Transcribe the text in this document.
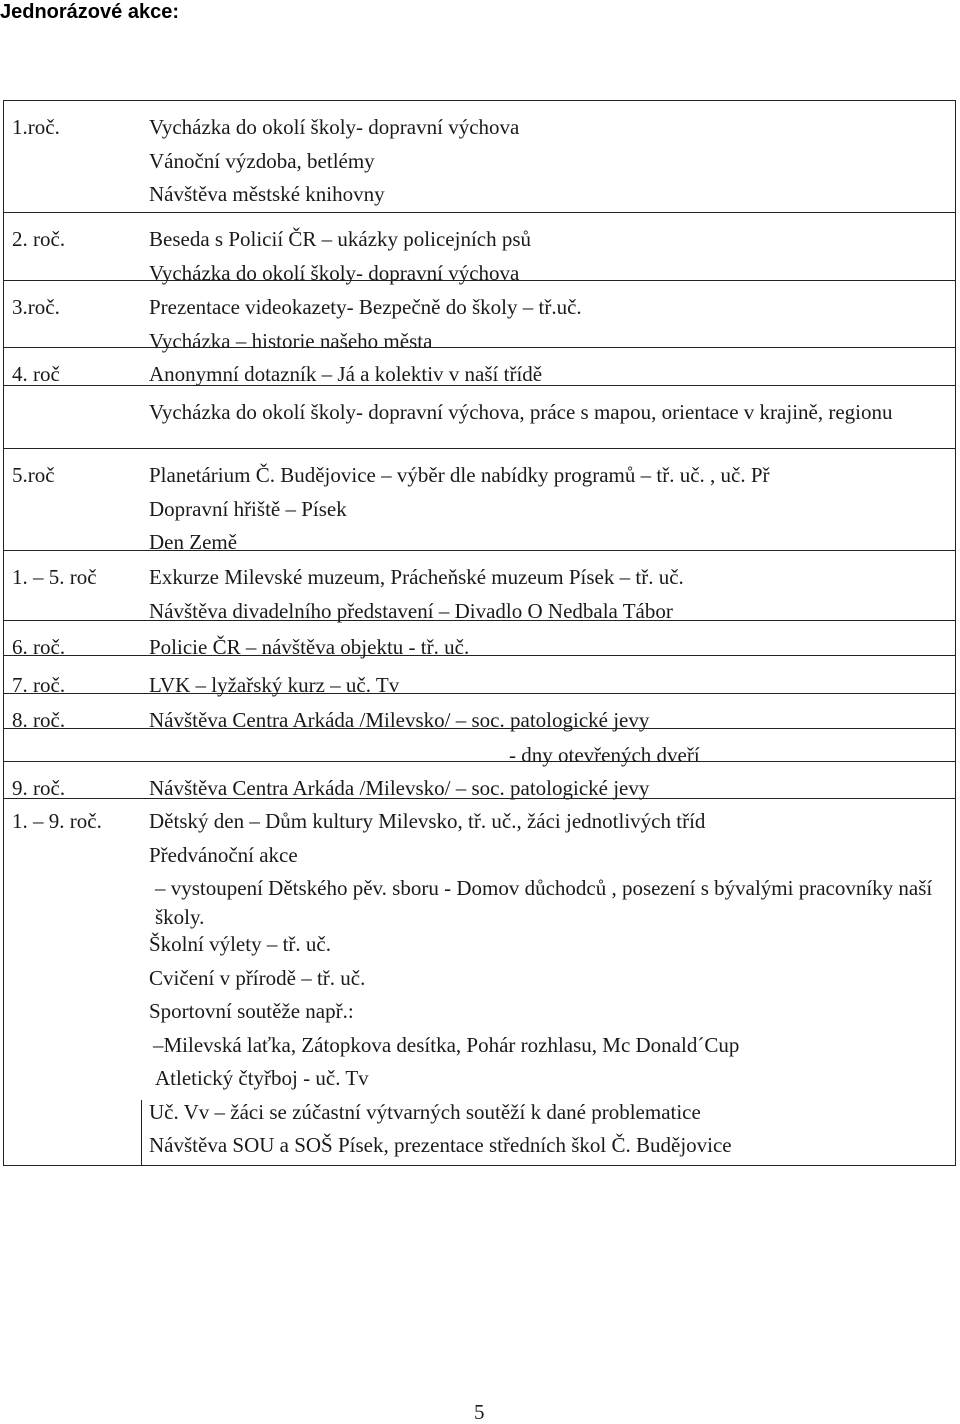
Jednorázové akce:
1.roč.	Vycházka do okolí školy- dopravní výchova
Vánoční výzdoba, betlémy
Návštěva městské knihovny
2. roč.	Beseda s Policií ČR – ukázky policejních psů
Vycházka do okolí školy- dopravní výchova
3.roč.	Prezentace videokazety- Bezpečně do školy – tř.uč.
Vycházka – historie našeho města
4. roč	Anonymní dotazník – Já a kolektiv v naší třídě
Vycházka do okolí školy- dopravní výchova, práce s mapou, orientace v krajině, regionu
5.roč	Planetárium Č. Budějovice – výběr dle nabídky programů – tř. uč. , uč. Př
Dopravní hřiště – Písek
Den Země
1. – 5. roč Exkurze Milevské muzeum, Prácheňské muzeum Písek – tř. uč.
Návštěva divadelního představení – Divadlo O Nedbala Tábor
6. roč.	Policie ČR – návštěva objektu - tř. uč.
7. roč.	LVK – lyžařský kurz – uč. Tv
8. roč.	Návštěva Centra Arkáda /Milevsko/ – soc. patologické jevy
- dny otevřených dveří
9. roč.	Návštěva Centra Arkáda /Milevsko/ – soc. patologické jevy
1. – 9. roč. Dětský den – Dům kultury Milevsko, tř. uč., žáci jednotlivých tříd
Předvánoční akce
– vystoupení Dětského pěv. sboru - Domov důchodců , posezení s bývalými pracovníky naší školy.
Školní výlety – tř. uč.
Cvičení v přírodě – tř. uč.
Sportovní soutěže např.:
–Milevská laťka, Zátopkova desítka, Pohár rozhlasu, Mc Donald´Cup
Atletický čtyřboj - uč. Tv
Uč. Vv – žáci se zúčastní výtvarných soutěží k dané problematice
Návštěva SOU a SOŠ Písek, prezentace středních škol Č. Budějovice
5
